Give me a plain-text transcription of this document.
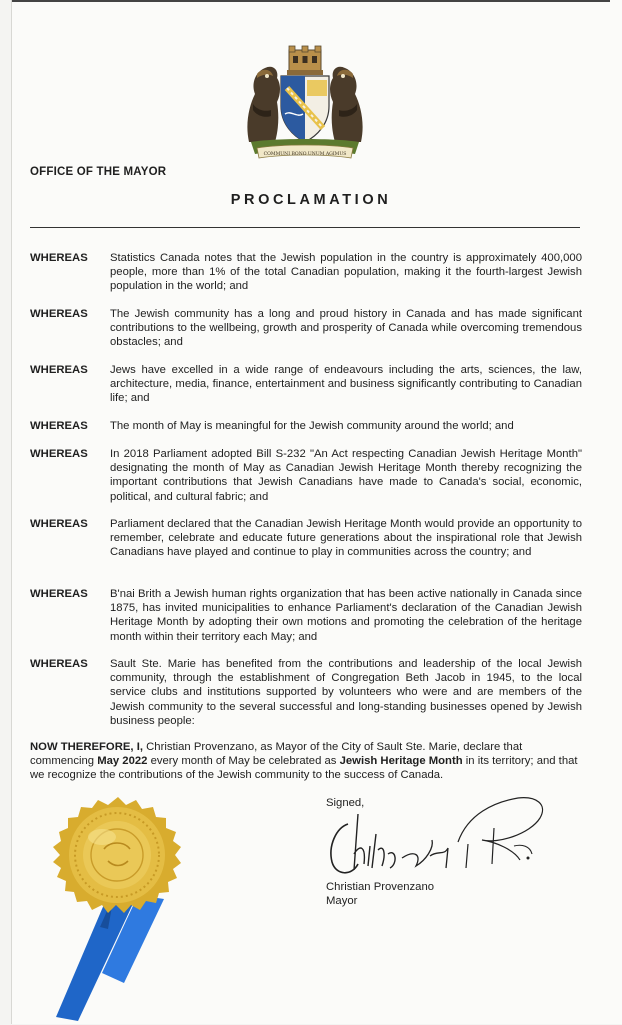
COMMUNI BONO UNUM AGIMUS
OFFICE OF THE MAYOR
PROCLAMATION
WHEREAS Statistics Canada notes that the Jewish population in the country is approximately 400,000 people, more than 1% of the total Canadian population, making it the fourth-largest Jewish population in the world; and
WHEREAS The Jewish community has a long and proud history in Canada and has made significant contributions to the wellbeing, growth and prosperity of Canada while overcoming tremendous obstacles; and
WHEREAS Jews have excelled in a wide range of endeavours including the arts, sciences, the law, architecture, media, finance, entertainment and business significantly contributing to Canadian life; and
WHEREAS The month of May is meaningful for the Jewish community around the world; and
WHEREAS In 2018 Parliament adopted Bill S-232 "An Act respecting Canadian Jewish Heritage Month" designating the month of May as Canadian Jewish Heritage Month thereby recognizing the important contributions that Jewish Canadians have made to Canada's social, economic, political, and cultural fabric; and
WHEREAS Parliament declared that the Canadian Jewish Heritage Month would provide an opportunity to remember, celebrate and educate future generations about the inspirational role that Jewish Canadians have played and continue to play in communities across the country; and
WHEREAS B'nai Brith a Jewish human rights organization that has been active nationally in Canada since 1875, has invited municipalities to enhance Parliament's declaration of the Canadian Jewish Heritage Month by adopting their own motions and promoting the celebration of the heritage month within their territory each May; and
WHEREAS Sault Ste. Marie has benefited from the contributions and leadership of the local Jewish community, through the establishment of Congregation Beth Jacob in 1945, to the local service clubs and institutions supported by volunteers who were and are members of the Jewish community to the several successful and long-standing businesses opened by Jewish business people:
NOW THEREFORE, I, Christian Provenzano, as Mayor of the City of Sault Ste. Marie, declare that commencing May 2022 every month of May be celebrated as Jewish Heritage Month in its territory; and that we recognize the contributions of the Jewish community to the success of Canada.
Signed,
Christian Provenzano
Mayor
